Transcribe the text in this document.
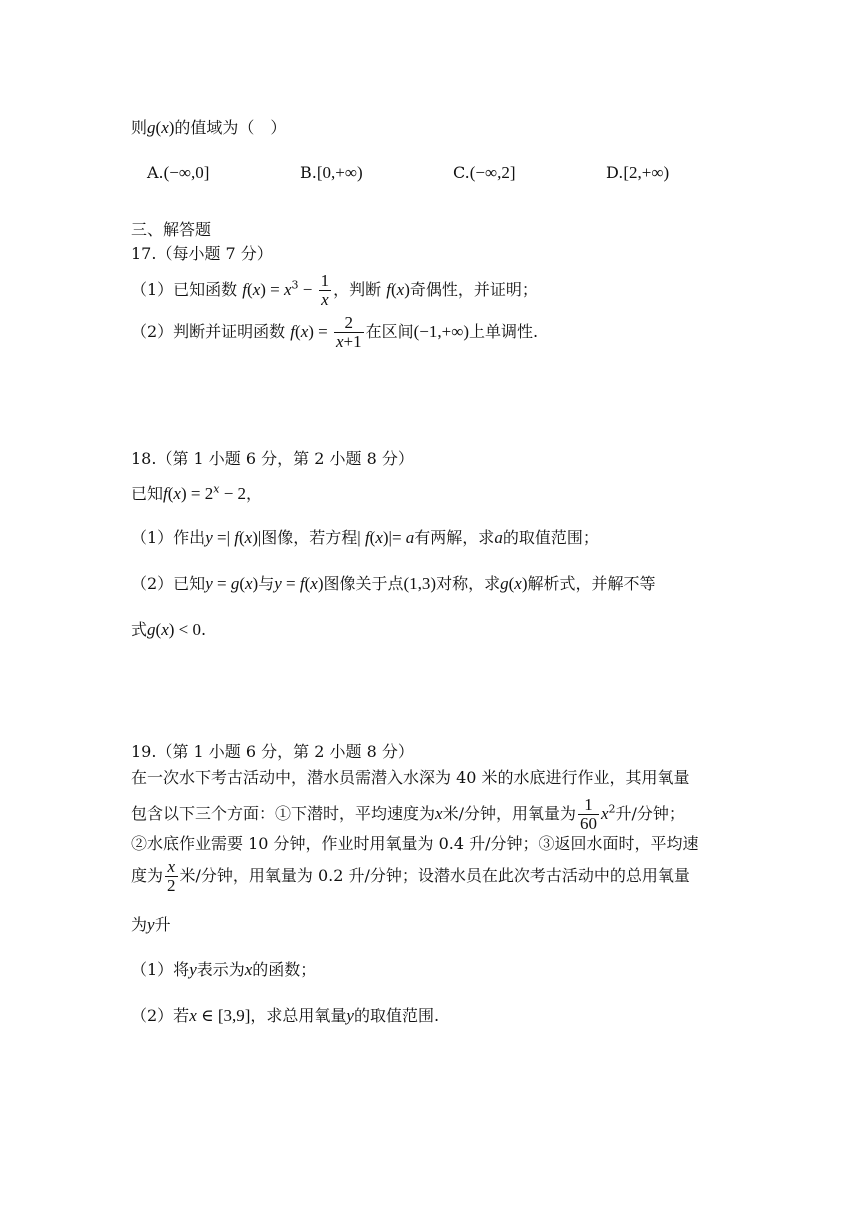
则g(x)的值域为（　）
A.(−∞,0]	B.[0,+∞)	C.(−∞,2]	D.[2,+∞)
三、解答题
17.（每小题 7 分）
（1）已知函数 $f(x) = x^3 - \frac{1}{x}$ ，判断 f(x)奇偶性，并证明；
（2）判断并证明函数 $f(x) = \frac{2}{x+1}$ 在区间(−1,+∞)上单调性.
18.（第 1 小题 6 分，第 2 小题 8 分）
已知$f(x) = 2^x - 2$，
（1）作出y =| f(x)|图像，若方程| f(x)|= a有两解，求a的取值范围；
（2）已知y = g(x)与y = f(x)图像关于点(1,3)对称，求g(x)解析式，并解不等
式g(x) < 0.
19.（第 1 小题 6 分，第 2 小题 8 分）
在一次水下考古活动中，潜水员需潜入水深为 40 米的水底进行作业，其用氧量
包含以下三个方面：①下潜时，平均速度为x米/分钟，用氧量为 $\frac{1}{60} x^2$升/分钟；
②水底作业需要 10 分钟，作业时用氧量为 0.4 升/分钟；③返回水面时，平均速
度为 $\frac{x}{2}$ 米/分钟，用氧量为 0.2 升/分钟；设潜水员在此次考古活动中的总用氧量
为y升
（1）将y表示为x的函数；
（2）若x ∈ [3,9]，求总用氧量y的取值范围.
